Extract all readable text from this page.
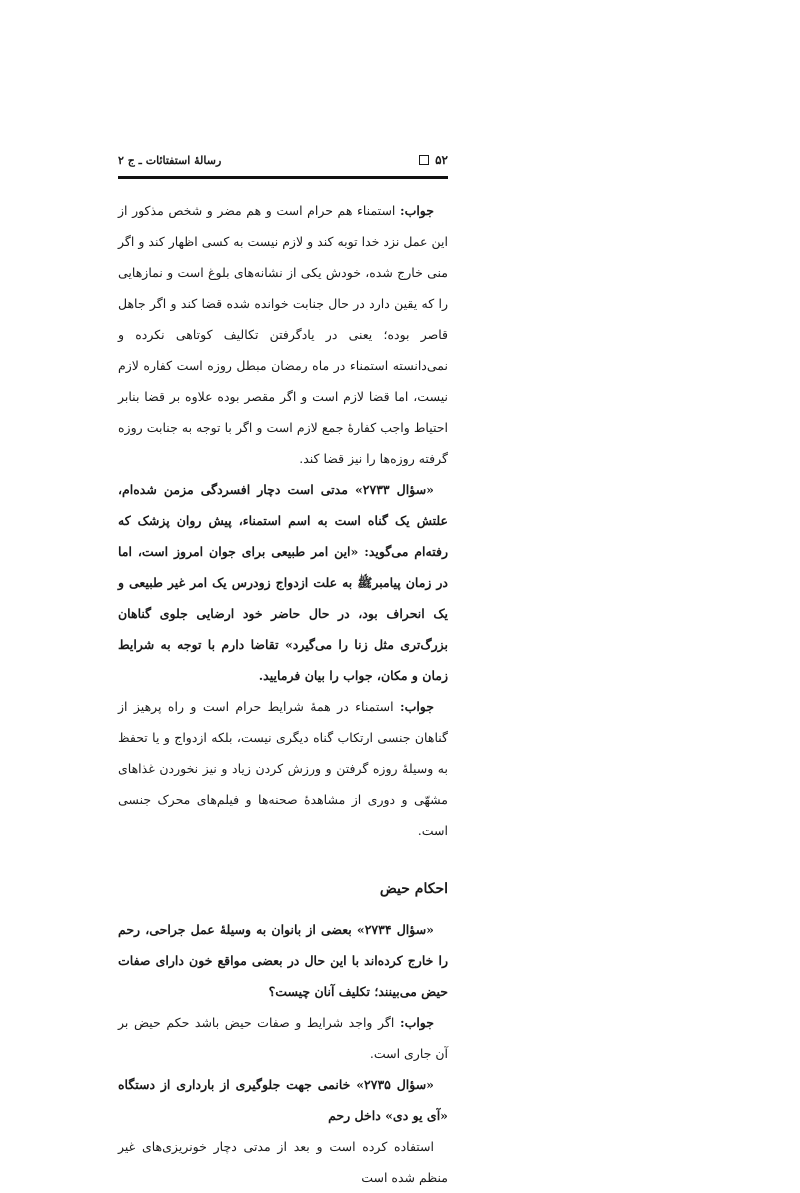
۵۲
رسالهٔ استفتائات ـ ج ۲

جواب: استمناء هم حرام است و هم مضر و شخص مذکور از این عمل نزد خدا توبه کند و لازم نیست به کسی اظهار کند و اگر منی خارج شده، خودش یکی از نشانه‌های بلوغ است و نمازهایی را که یقین دارد در حال جنابت خوانده شده قضا کند و اگر جاهل قاصر بوده؛ یعنی در یادگرفتن تکالیف کوتاهی نکرده و نمی‌دانسته استمناء در ماه رمضان مبطل روزه است کفاره لازم نیست، اما قضا لازم است و اگر مقصر بوده علاوه بر قضا بنابر احتیاط واجب کفارهٔ جمع لازم است و اگر با توجه به جنابت روزه گرفته روزه‌ها را نیز قضا کند.

«سؤال ۲۷۳۳» مدتی است دچار افسردگی مزمن شده‌ام، علتش یک گناه است به اسم استمناء، پیش روان پزشک که رفته‌ام می‌گوید: «این امر طبیعی برای جوان امروز است، اما در زمان پیامبرﷺ به علت ازدواج زودرس یک امر غیر طبیعی و یک انحراف بود، در حال حاضر خود ارضایی جلوی گناهان بزرگ‌تری مثل زنا را می‌گیرد» تقاضا دارم با توجه به شرایط زمان و مکان، جواب را بیان فرمایید.

جواب: استمناء در همهٔ شرایط حرام است و راه پرهیز از گناهان جنسی ارتکاب گناه دیگری نیست، بلکه ازدواج و یا تحفظ به وسیلهٔ روزه گرفتن و ورزش کردن زیاد و نیز نخوردن غذاهای مشهّی و دوری از مشاهدهٔ صحنه‌ها و فیلم‌های محرک جنسی است.

احکام حیض

«سؤال ۲۷۳۴» بعضی از بانوان به وسیلهٔ عمل جراحی، رحم را خارج کرده‌اند با این حال در بعضی مواقع خون دارای صفات حیض می‌بینند؛ تکلیف آنان چیست؟

جواب: اگر واجد شرایط و صفات حیض باشد حکم حیض بر آن جاری است.

«سؤال ۲۷۳۵» خانمی جهت جلوگیری از بارداری از دستگاه «آی یو دی» داخل رحم

استفاده کرده است و بعد از مدتی دچار خونریزی‌های غیر منظم شده است
